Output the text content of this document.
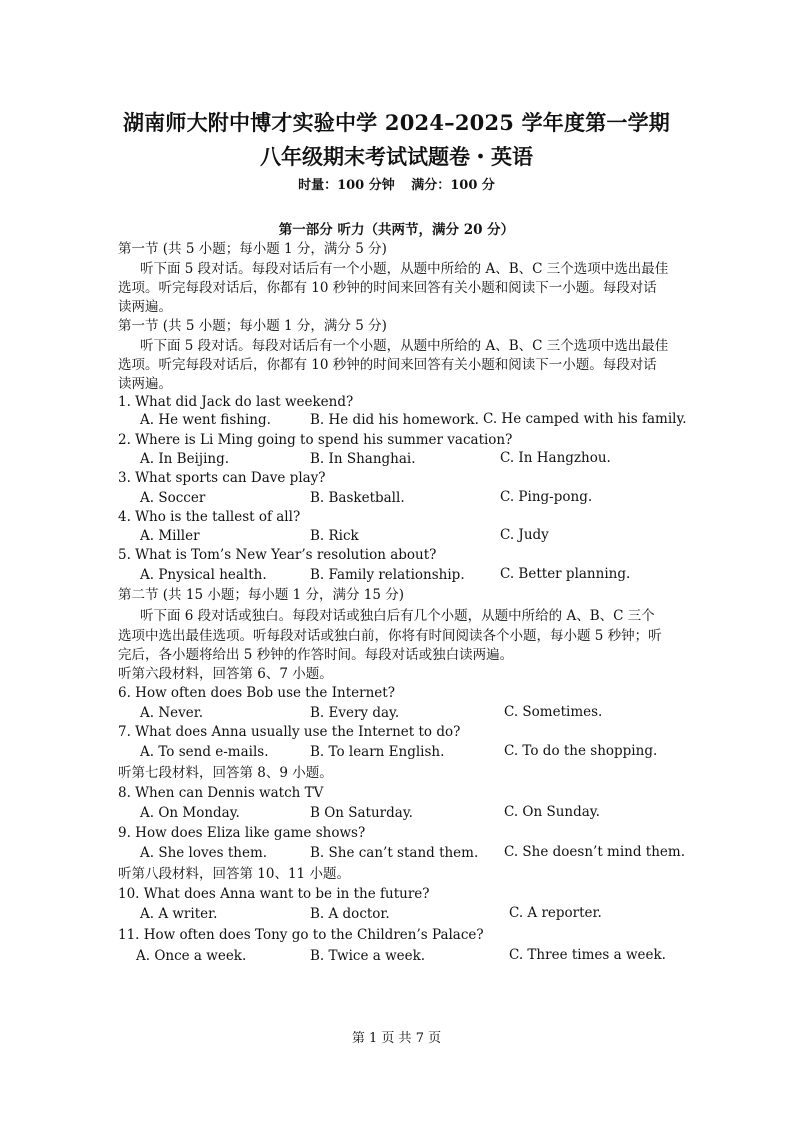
湖南师大附中博才实验中学 2024–2025 学年度第一学期
八年级期末考试试题卷・英语
时量：100 分钟 满分：100 分
第一部分 听力（共两节，满分 20 分）
第一节 (共 5 小题；每小题 1 分，满分 5 分)
听下面 5 段对话。每段对话后有一个小题，从题中所给的 A、B、C 三个选项中选出最佳
选项。听完每段对话后，你都有 10 秒钟的时间来回答有关小题和阅读下一小题。每段对话
读两遍。
第一节 (共 5 小题；每小题 1 分，满分 5 分)
听下面 5 段对话。每段对话后有一个小题，从题中所给的 A、B、C 三个选项中选出最佳
选项。听完每段对话后，你都有 10 秒钟的时间来回答有关小题和阅读下一小题。每段对话
读两遍。
1. What did Jack do last weekend?
A. He went fishing.	B. He did his homework. C. He camped with his family.
2. Where is Li Ming going to spend his summer vacation?
A. In Beijing.	B. In Shanghai.	C. In Hangzhou.
3. What sports can Dave play?
A. Soccer	B. Basketball.	C. Ping-pong.
4. Who is the tallest of all?
A. Miller	B. Rick	C. Judy
5. What is Tom’s New Year’s resolution about?
A. Pnysical health.	B. Family relationship.	C. Better planning.
第二节 (共 15 小题；每小题 1 分，满分 15 分)
听下面 6 段对话或独白。每段对话或独白后有几个小题，从题中所给的 A、B、C 三个
选项中选出最佳选项。听每段对话或独白前，你将有时间阅读各个小题，每小题 5 秒钟；听
完后，各小题将给出 5 秒钟的作答时间。每段对话或独白读两遍。
听第六段材料，回答第 6、7 小题。
6. How often does Bob use the Internet?
A. Never.	B. Every day.	C. Sometimes.
7. What does Anna usually use the Internet to do?
A. To send e-mails.	B. To learn English.	C. To do the shopping.
听第七段材料，回答第 8、9 小题。
8. When can Dennis watch TV
A. On Monday.	B On Saturday.	C. On Sunday.
9. How does Eliza like game shows?
A. She loves them.	B. She can’t stand them. C. She doesn’t mind them.
听第八段材料，回答第 10、11 小题。
10. What does Anna want to be in the future?
A. A writer.	B. A doctor.	C. A reporter.
11. How often does Tony go to the Children’s Palace?
A. Once a week.	B. Twice a week.	C. Three times a week.
第 1 页 共 7 页
